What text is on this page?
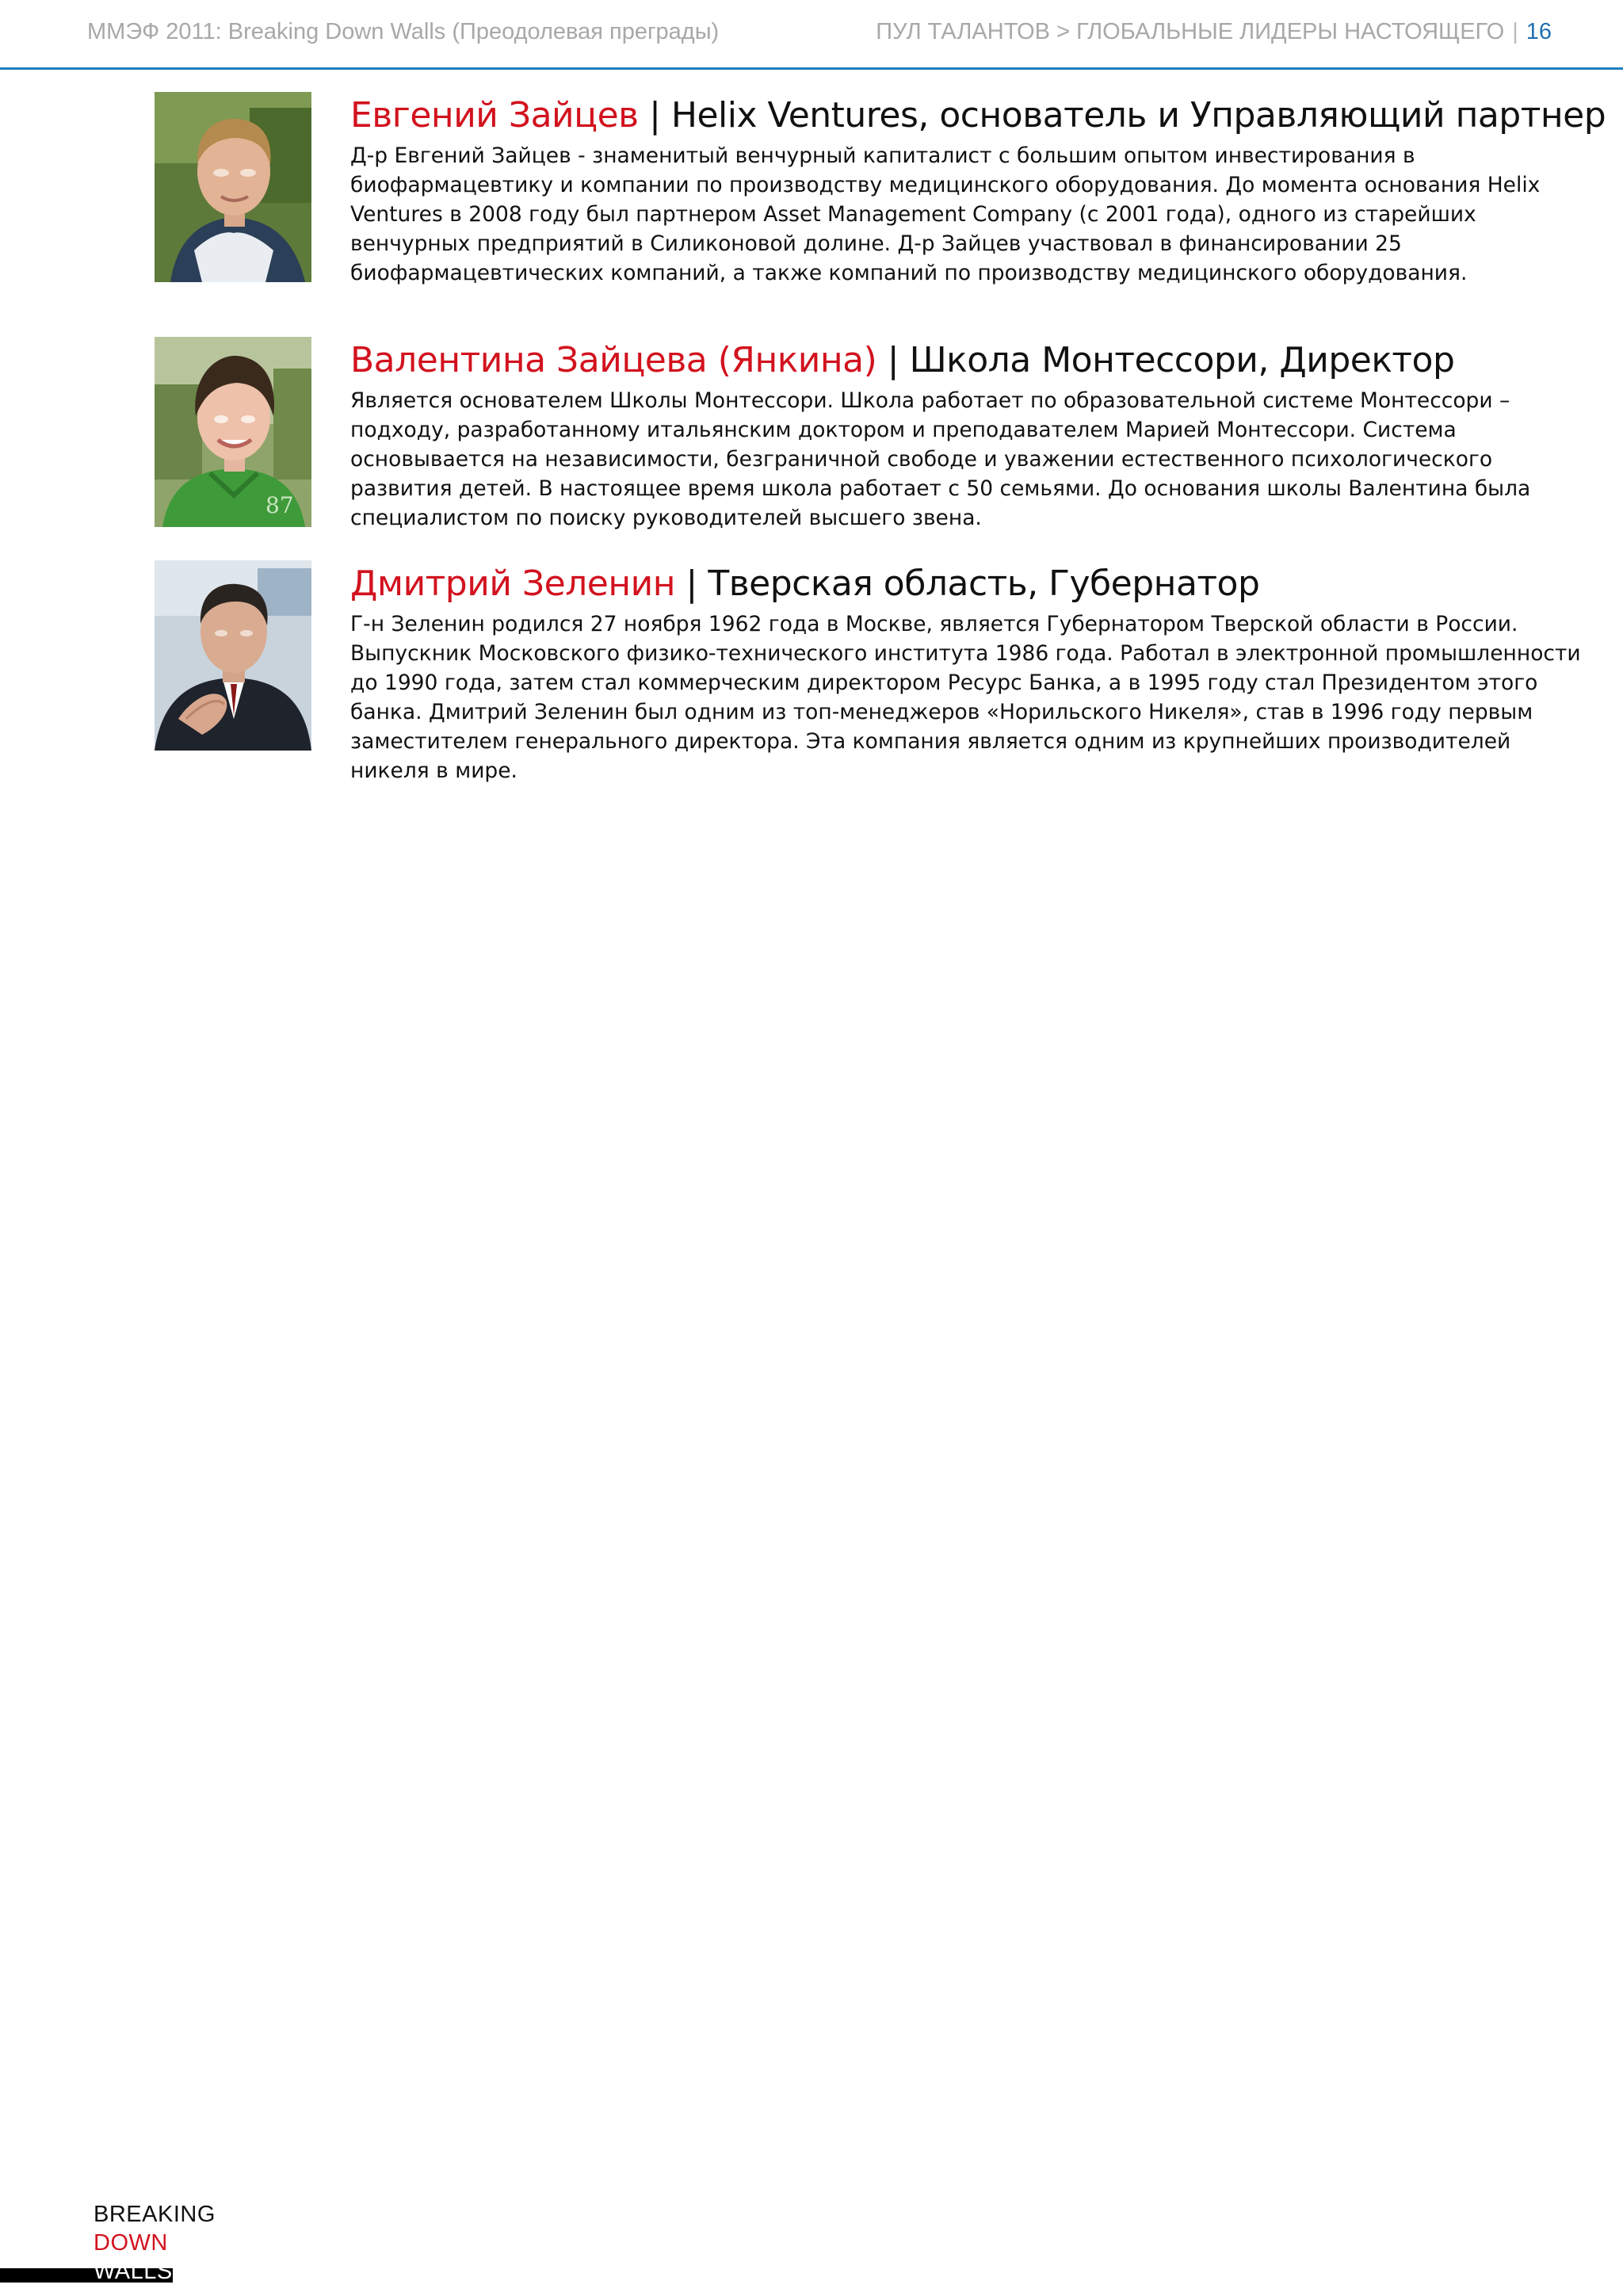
ММЭФ 2011: Breaking Down Walls (Преодолевая преграды)	ПУЛ ТАЛАНТОВ > ГЛОБАЛЬНЫЕ ЛИДЕРЫ НАСТОЯЩЕГО | 16
Евгений Зайцев | Helix Ventures, основатель и Управляющий партнер
Д-р Евгений Зайцев - знаменитый венчурный капиталист с большим опытом инвестирования в биофармацевтику и компании по производству медицинского оборудования. До момента основания Helix Ventures в 2008 году был партнером Asset Management Company (с 2001 года), одного из старейших венчурных предприятий в Силиконовой долине. Д-р Зайцев участвовал в финансировании 25 биофармацевтических компаний, а также компаний по производству медицинского оборудования.
87
Валентина Зайцева (Янкина) | Школа Монтессори, Директор
Является основателем Школы Монтессори. Школа работает по образовательной системе Монтессори – подходу, разработанному итальянским доктором и преподавателем Марией Монтессори. Система основывается на независимости, безграничной свободе и уважении естественного психологического развития детей. В настоящее время школа работает с 50 семьями. До основания школы Валентина была специалистом по поиску руководителей высшего звена.
Дмитрий Зеленин | Тверская область, Губернатор
Г-н Зеленин родился 27 ноября 1962 года в Москве, является Губернатором Тверской области в России. Выпускник Московского физико-технического института 1986 года. Работал в электронной промышленности до 1990 года, затем стал коммерческим директором Ресурс Банка, а в 1995 году стал Президентом этого банка. Дмитрий Зеленин был одним из топ-менеджеров «Норильского Никеля», став в 1996 году первым заместителем генерального директора. Эта компания является одним из крупнейших производителей никеля в мире.
BREAKING
DOWN
WALLS
